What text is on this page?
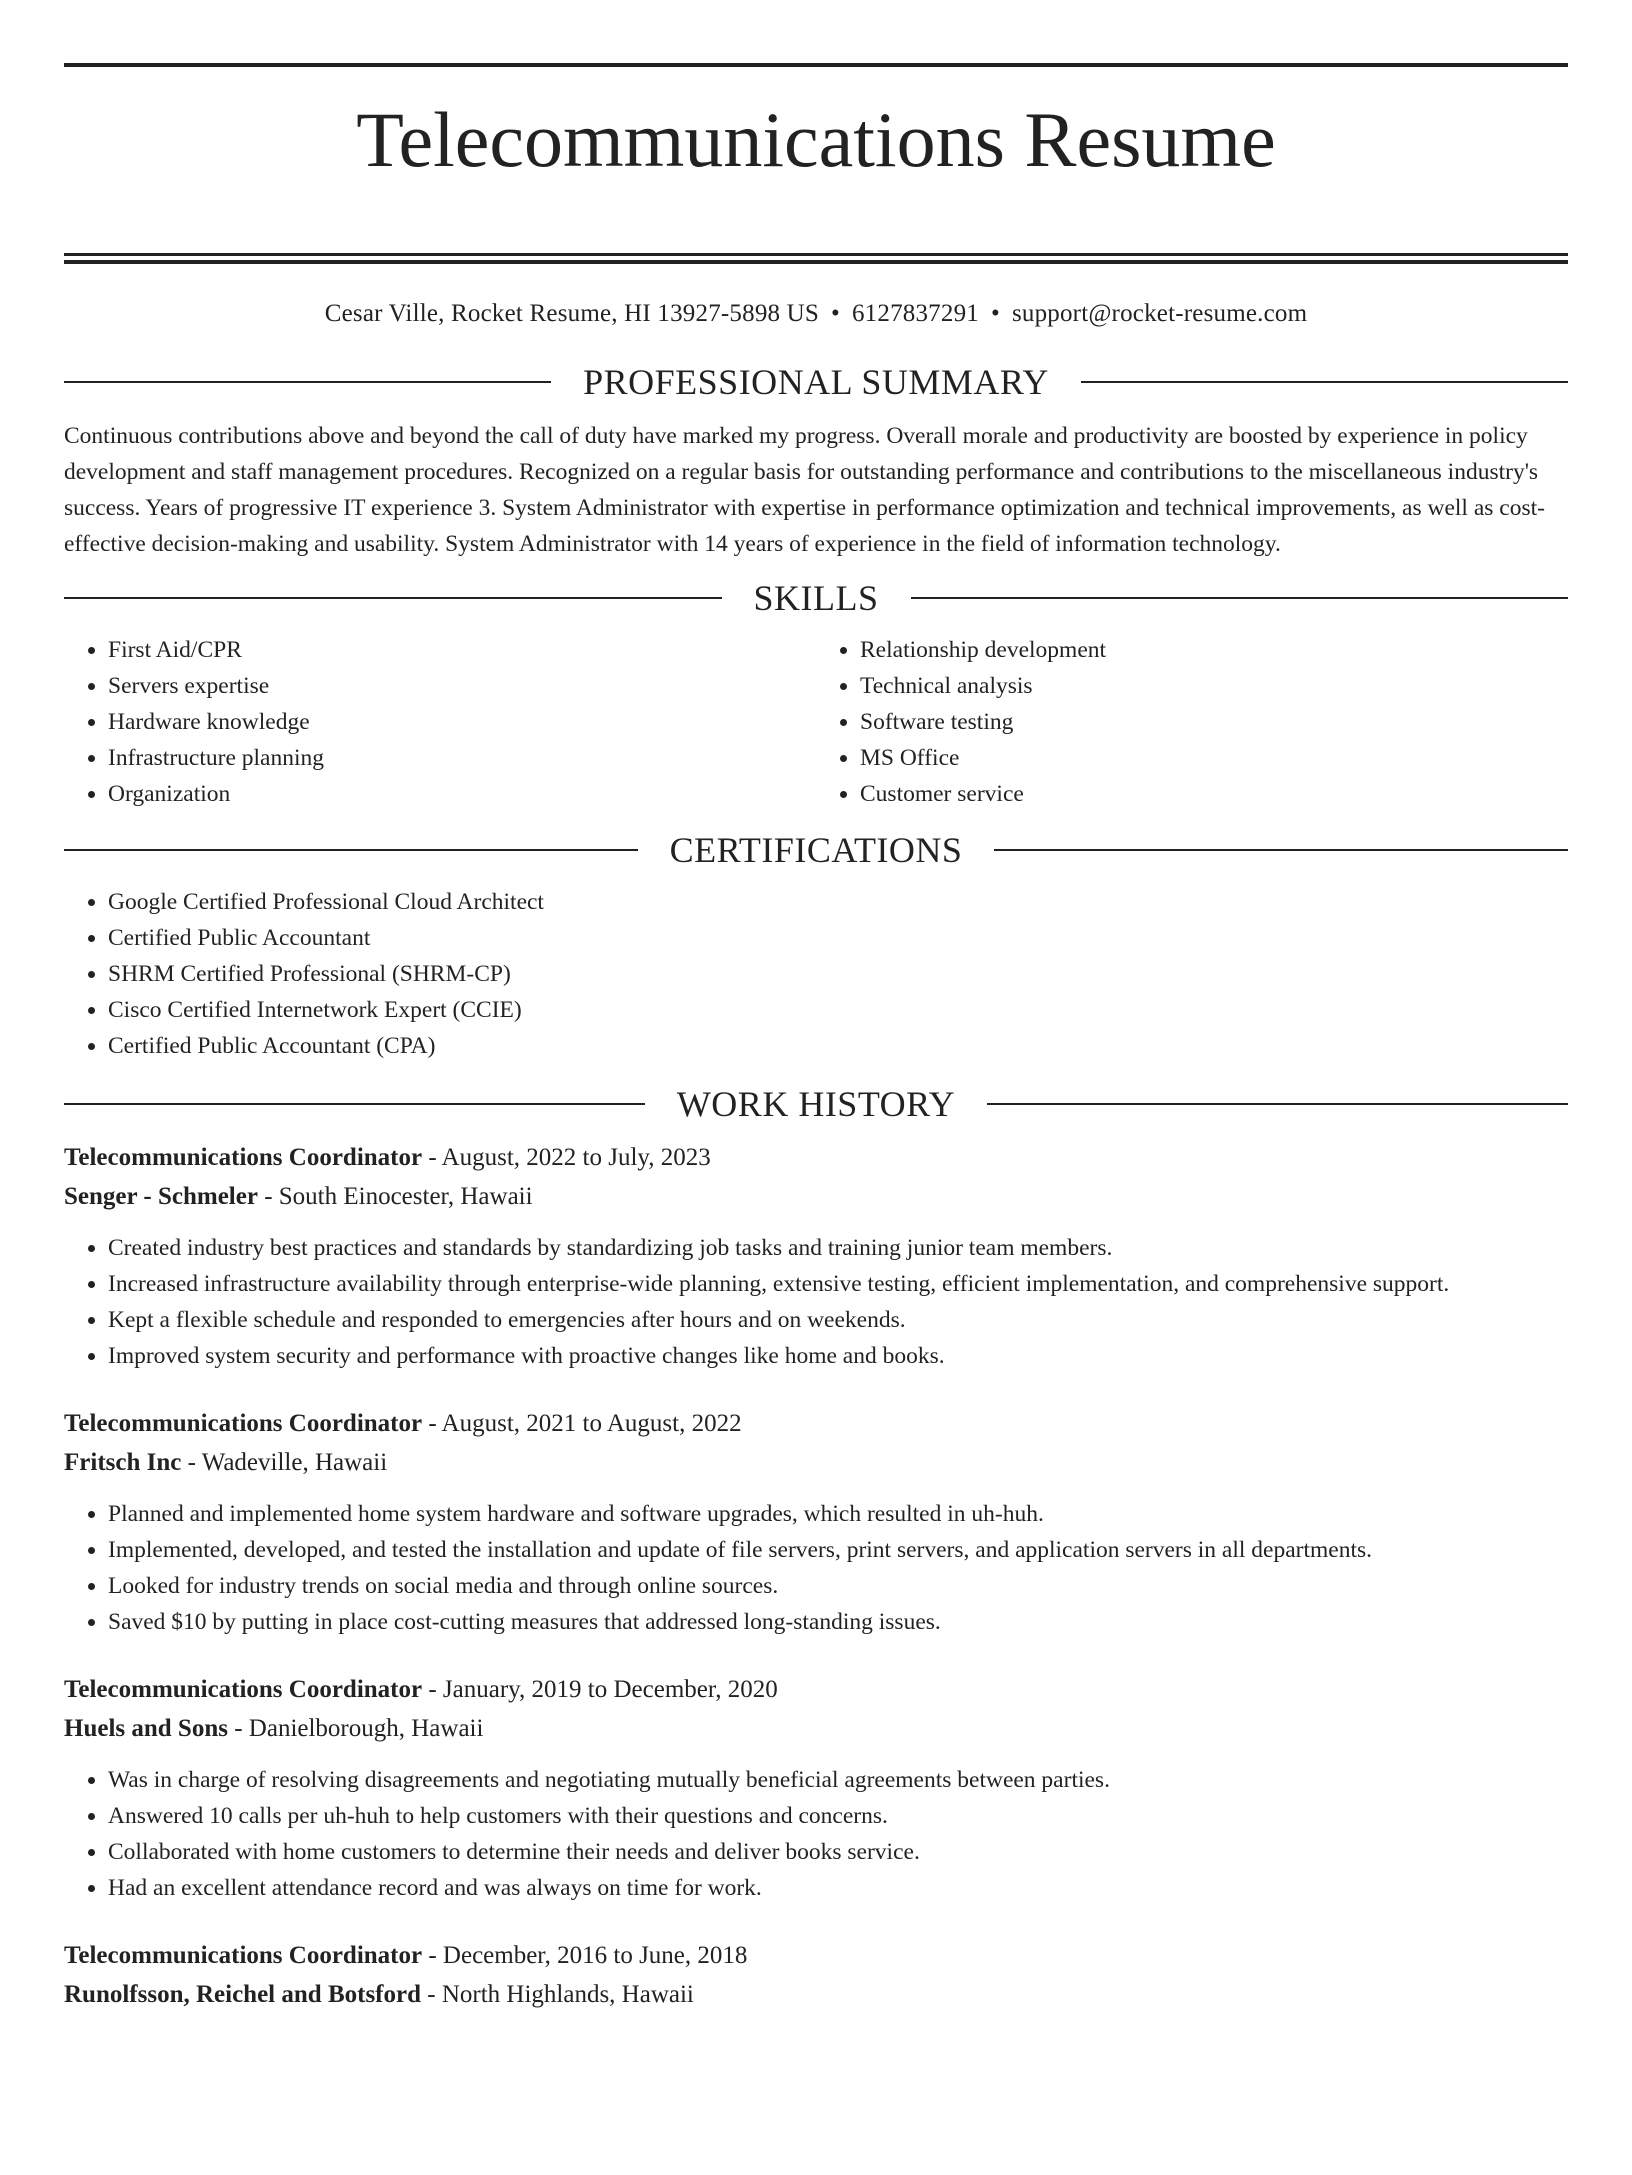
Telecommunications Resume
Cesar Ville, Rocket Resume, HI 13927-5898 US • 6127837291 • support@rocket-resume.com
PROFESSIONAL SUMMARY

Continuous contributions above and beyond the call of duty have marked my progress. Overall morale and productivity are boosted by experience in policy development and staff management procedures. Recognized on a regular basis for outstanding performance and contributions to the miscellaneous industry's success. Years of progressive IT experience 3. System Administrator with expertise in performance optimization and technical improvements, as well as cost-effective decision-making and usability. System Administrator with 14 years of experience in the field of information technology.

SKILLS
• First Aid/CPR
• Servers expertise
• Hardware knowledge
• Infrastructure planning
• Organization
• Relationship development
• Technical analysis
• Software testing
• MS Office
• Customer service
CERTIFICATIONS
• Google Certified Professional Cloud Architect
• Certified Public Accountant
• SHRM Certified Professional (SHRM-CP)
• Cisco Certified Internetwork Expert (CCIE)
• Certified Public Accountant (CPA)
WORK HISTORY
Telecommunications Coordinator - August, 2022 to July, 2023
Senger - Schmeler - South Einocester, Hawaii
• Created industry best practices and standards by standardizing job tasks and training junior team members.
• Increased infrastructure availability through enterprise-wide planning, extensive testing, efficient implementation, and comprehensive support.
• Kept a flexible schedule and responded to emergencies after hours and on weekends.
• Improved system security and performance with proactive changes like home and books.
Telecommunications Coordinator - August, 2021 to August, 2022
Fritsch Inc - Wadeville, Hawaii
• Planned and implemented home system hardware and software upgrades, which resulted in uh-huh.
• Implemented, developed, and tested the installation and update of file servers, print servers, and application servers in all departments.
• Looked for industry trends on social media and through online sources.
• Saved $10 by putting in place cost-cutting measures that addressed long-standing issues.
Telecommunications Coordinator - January, 2019 to December, 2020
Huels and Sons - Danielborough, Hawaii
• Was in charge of resolving disagreements and negotiating mutually beneficial agreements between parties.
• Answered 10 calls per uh-huh to help customers with their questions and concerns.
• Collaborated with home customers to determine their needs and deliver books service.
• Had an excellent attendance record and was always on time for work.
Telecommunications Coordinator - December, 2016 to June, 2018
Runolfsson, Reichel and Botsford - North Highlands, Hawaii
